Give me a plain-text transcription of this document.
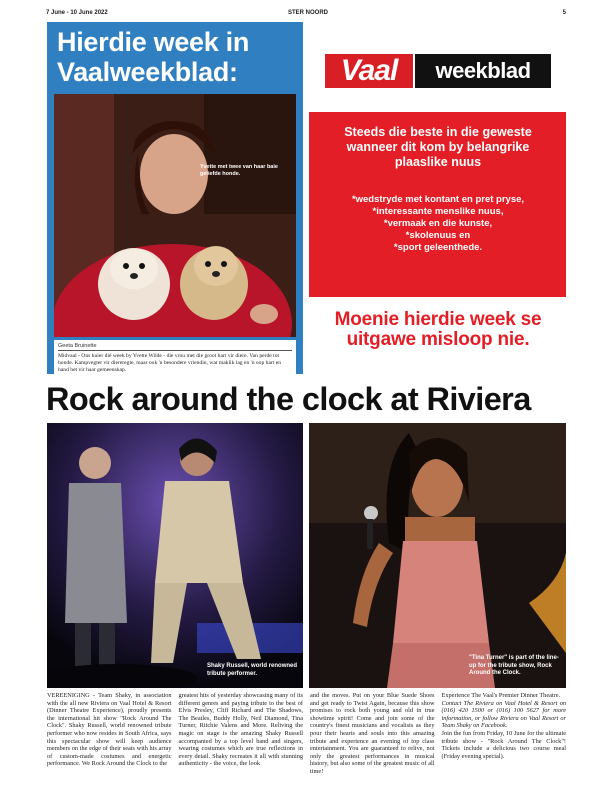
7 June - 10 June 2022	STER NOORD	5
Hierdie week in
Vaalweekblad:
Yvette met twee van haar baie geliefde honde.
Geeta Bruinette
Midvaal - Ons kuier dié week by Yvette Wilde - die vrou met die groot hart vir diere. Van perde tot honde. Kampvegter vir diereregte, maar ook 'n besondere vriendin, wat maklik lag en 'n oop hart en hand het vir haar gemeenskap.
Vaal	weekblad
Steeds die beste in die geweste wanneer dit kom by belangrike plaaslike nuus
*wedstryde met kontant en pret pryse,
*interessante menslike nuus,
*vermaak en die kunste,
*skolenuus en
*sport geleenthede.
Moenie hierdie week se uitgawe misloop nie.
Rock around the clock at Riviera
Shaky Russell, world renowned tribute performer.
"Tina Turner" is part of the line-up for the tribute show, Rock Around the Clock.

VEREENIGING - Team Shaky, in association with the all new Riviera on Vaal Hotel & Resort (Dinner Theatre Experience), proudly presents the international hit show "Rock Around The Clock". Shaky Russell, world renowned tribute performer who now resides in South Africa, says this spectacular show will keep audience members on the edge of their seats with his array of custom-made costumes and energetic performance. We Rock Around the Clock to the

greatest hits of yesterday showcasing many of its different genres and paying tribute to the best of Elvis Presley, Cliff Richard and The Shadows, The Beatles, Buddy Holly, Neil Diamond, Tina Turner, Ritchie Valens and More. Reliving the magic on stage is the amazing Shaky Russell accompanied by a top level band and singers, wearing costumes which are true reflections in every detail. Shaky recreates it all with stunning authenticity - the voice, the look

and the moves. Put on your Blue Suede Shoes and get ready to Twist Again, because this show promises to rock both young and old in true showtime spirit! Come and join some of the country's finest musicians and vocalists as they pour their hearts and souls into this amazing tribute and experience an evening of top class entertainment. You are guaranteed to relive, not only the greatest performances in musical history, but also some of the greatest music of all time!

Experience The Vaal's Premier Dinner Theatre.

Contact The Riviera on Vaal Hotel & Resort on (016) 420 1500 or (016) 100 5627 for more information, or follow Riviera on Vaal Resort or Team Shaky on Facebook.

Join the fun from Friday, 10 June for the ultimate tribute show - "Rock Around The Clock"! Tickets include a delicious two course meal (Friday evening special).
